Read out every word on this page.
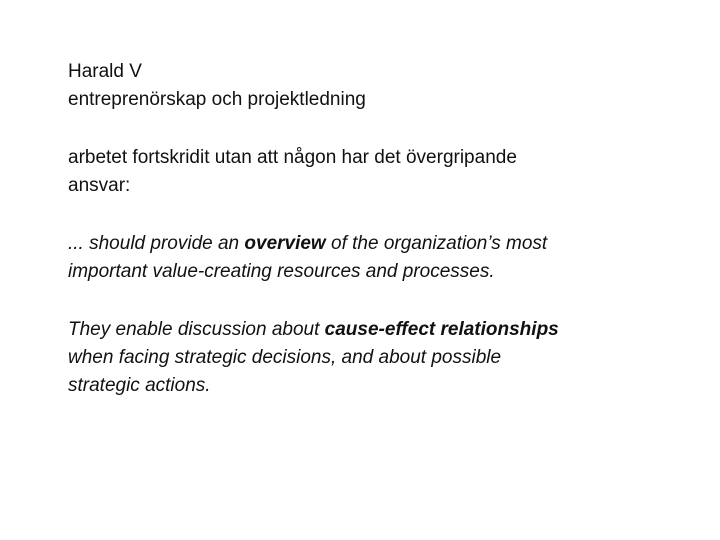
Harald V
entreprenörskap och projektledning
arbetet fortskridit utan att någon har det övergripande
ansvar:
... should provide an overview of the organization’s most
important value-creating resources and processes.
They enable discussion about cause-effect relationships
when facing strategic decisions, and about possible
strategic actions.
